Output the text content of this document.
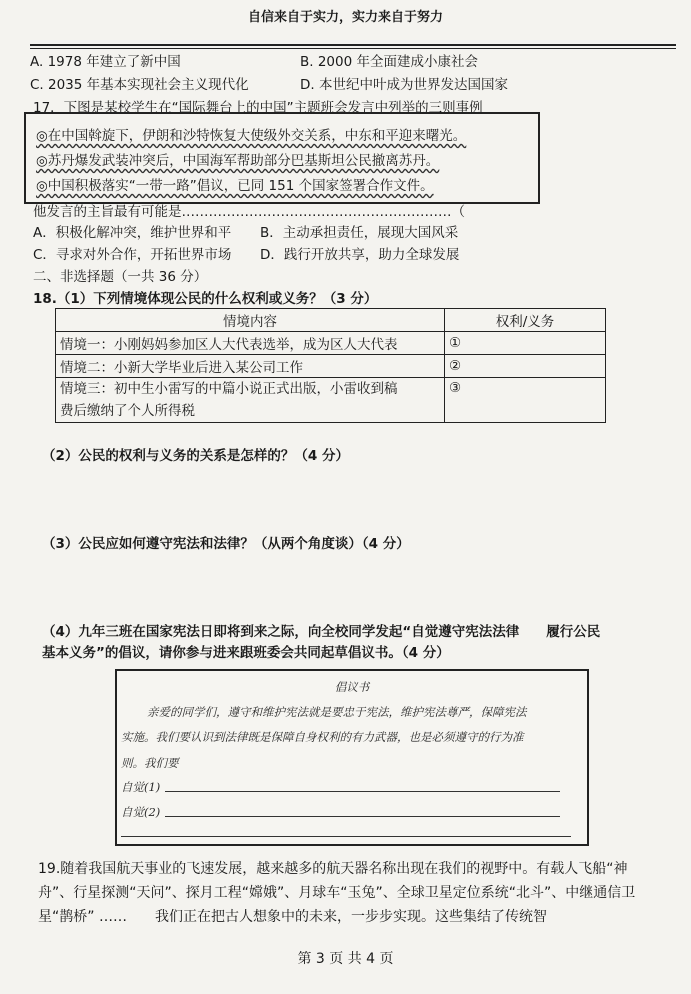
自信来自于实力，实力来自于努力
A. 1978 年建立了新中国	B. 2000 年全面建成小康社会
C. 2035 年基本实现社会主义现代化	D. 本世纪中叶成为世界发达国国家
17．下图是某校学生在“国际舞台上的中国”主题班会发言中列举的三则事例
◎在中国斡旋下，伊朗和沙特恢复大使级外交关系，中东和平迎来曙光。
◎苏丹爆发武装冲突后，中国海军帮助部分巴基斯坦公民撤离苏丹。
◎中国积极落实“一带一路”倡议，已同 151 个国家签署合作文件。
他发言的主旨最有可能是……………………………………………………（
A．积极化解冲突，维护世界和平 B．主动承担责任，展现大国风采
C．寻求对外合作，开拓世界市场 D．践行开放共享，助力全球发展
二、非选择题（一共 36 分）
18.（1）下列情境体现公民的什么权利或义务？（3 分）
情境内容	权利/义务
情境一：小刚妈妈参加区人大代表选举，成为区人大代表	①
情境二：小新大学毕业后进入某公司工作	②

情境三：初中生小雷写的中篇小说正式出版，小雷收到稿
费后缴纳了个人所得税	③
（2）公民的权利与义务的关系是怎样的？（4 分）
（3）公民应如何遵守宪法和法律？（从两个角度谈）（4 分）
（4）九年三班在国家宪法日即将到来之际，向全校同学发起“自觉遵守宪法法律　　履行公民
基本义务”的倡议，请你参与进来跟班委会共同起草倡议书。（4 分）
倡议书
亲爱的同学们，遵守和维护宪法就是要忠于宪法，维护宪法尊严，保障宪法
实施。我们要认识到法律既是保障自身权利的有力武器，也是必须遵守的行为准
则。我们要
自觉(1)
自觉(2)
19.随着我国航天事业的飞速发展，越来越多的航天器名称出现在我们的视野中。有载人飞船“神舟”、行星探测“天问”、探月工程“嫦娥”、月球车“玉兔”、全球卫星定位系统“北斗”、中继通信卫星“鹊桥” ……　　我们正在把古人想象中的未来，一步步实现。这些集结了传统智
第 3 页 共 4 页
